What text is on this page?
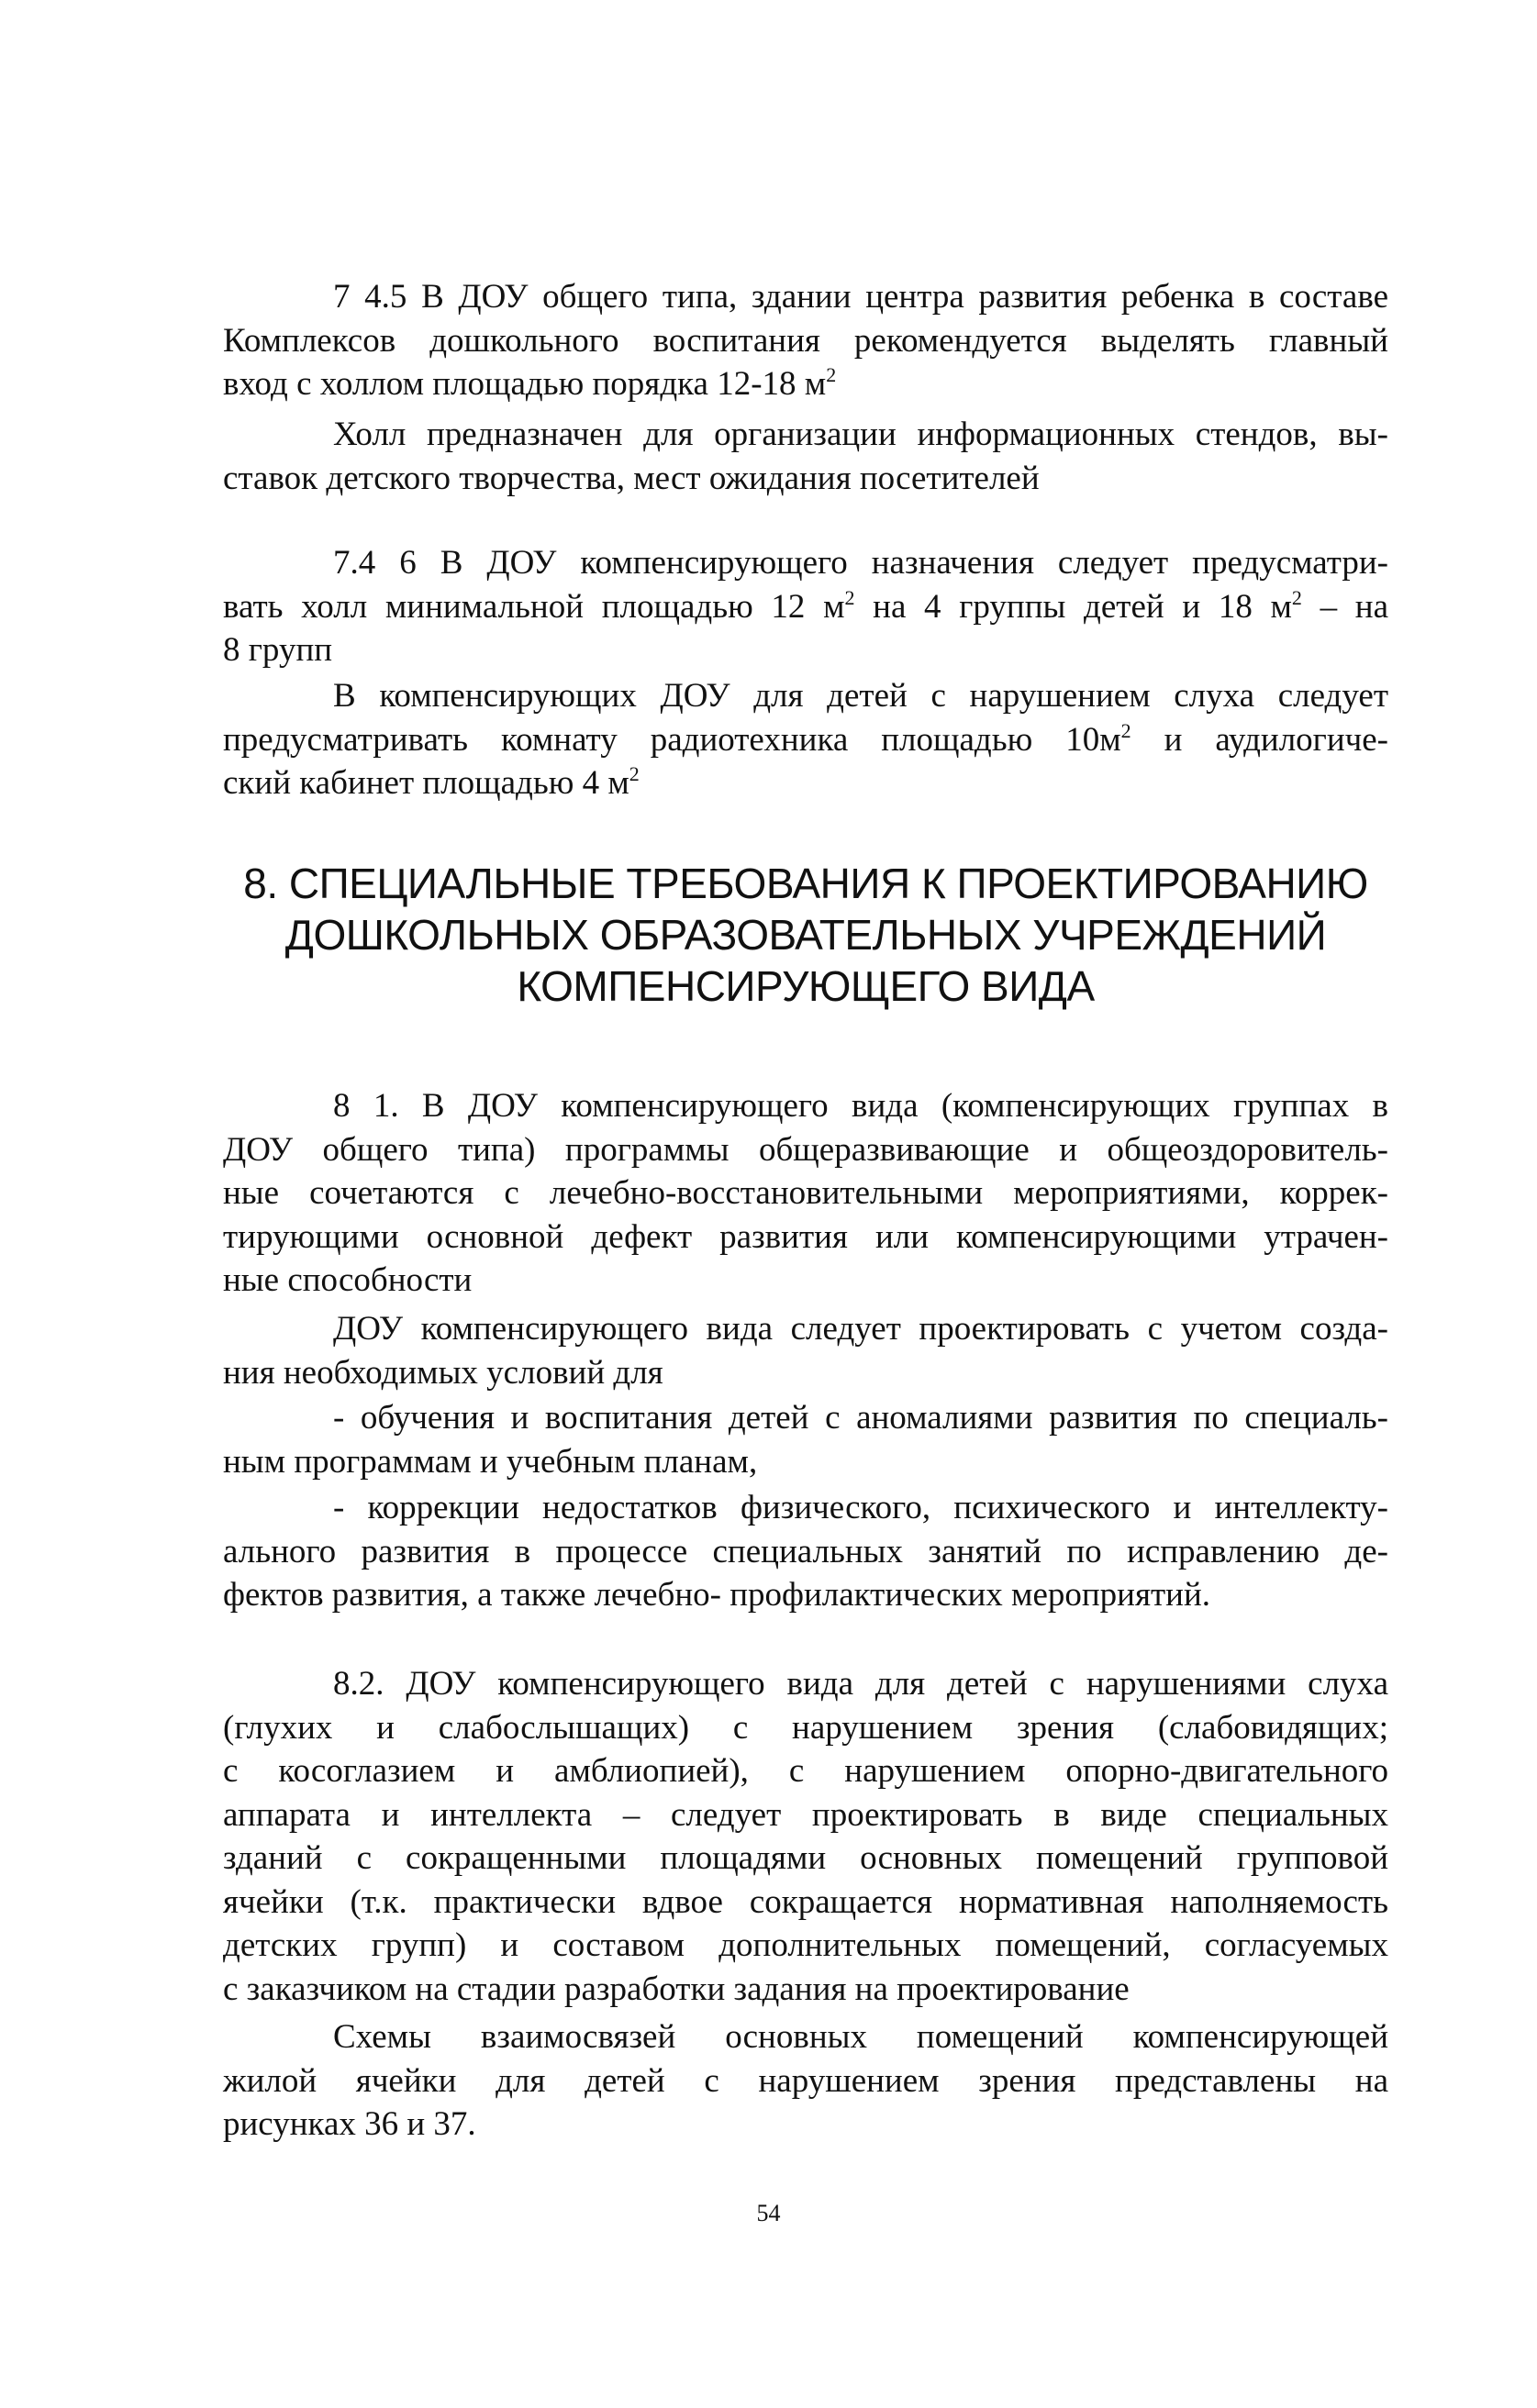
7 4.5 В ДОУ общего типа, здании центра развития ребенка в составе
Комплексов дошкольного воспитания рекомендуется выделять главный
вход с холлом площадью порядка 12-18 $м^2$
Холл предназначен для организации информационных стендов, вы-
ставок детского творчества, мест ожидания посетителей
7.4 6 В ДОУ компенсирующего назначения следует предусматри-
вать холл минимальной площадью 12 $м^2$ на 4 группы детей и 18 $м^2$ – на
8 групп
В компенсирующих ДОУ для детей с нарушением слуха следует
предусматривать комнату радиотехника площадью $10м^2$ и аудилогиче-
ский кабинет площадью 4 $м^2$
8. СПЕЦИАЛЬНЫЕ ТРЕБОВАНИЯ К ПРОЕКТИРОВАНИЮ
ДОШКОЛЬНЫХ ОБРАЗОВАТЕЛЬНЫХ УЧРЕЖДЕНИЙ
КОМПЕНСИРУЮЩЕГО ВИДА
8 1. В ДОУ компенсирующего вида (компенсирующих группах в
ДОУ общего типа) программы общеразвивающие и общеоздоровитель-
ные сочетаются с лечебно-восстановительными мероприятиями, коррек-
тирующими основной дефект развития или компенсирующими утрачен-
ные способности
ДОУ компенсирующего вида следует проектировать с учетом созда-
ния необходимых условий для
- обучения и воспитания детей с аномалиями развития по специаль-
ным программам и учебным планам,
- коррекции недостатков физического, психического и интеллекту-
ального развития в процессе специальных занятий по исправлению де-
фектов развития, а также лечебно- профилактических мероприятий.
8.2. ДОУ компенсирующего вида для детей с нарушениями слуха
(глухих и слабослышащих) с нарушением зрения (слабовидящих;
с косоглазием и амблиопией), с нарушением опорно-двигательного
аппарата и интеллекта – следует проектировать в виде специальных
зданий с сокращенными площадями основных помещений групповой
ячейки (т.к. практически вдвое сокращается нормативная наполняемость
детских групп) и составом дополнительных помещений, согласуемых
с заказчиком на стадии разработки задания на проектирование
Схемы взаимосвязей основных помещений компенсирующей
жилой ячейки для детей с нарушением зрения представлены на
рисунках 36 и 37.
54
